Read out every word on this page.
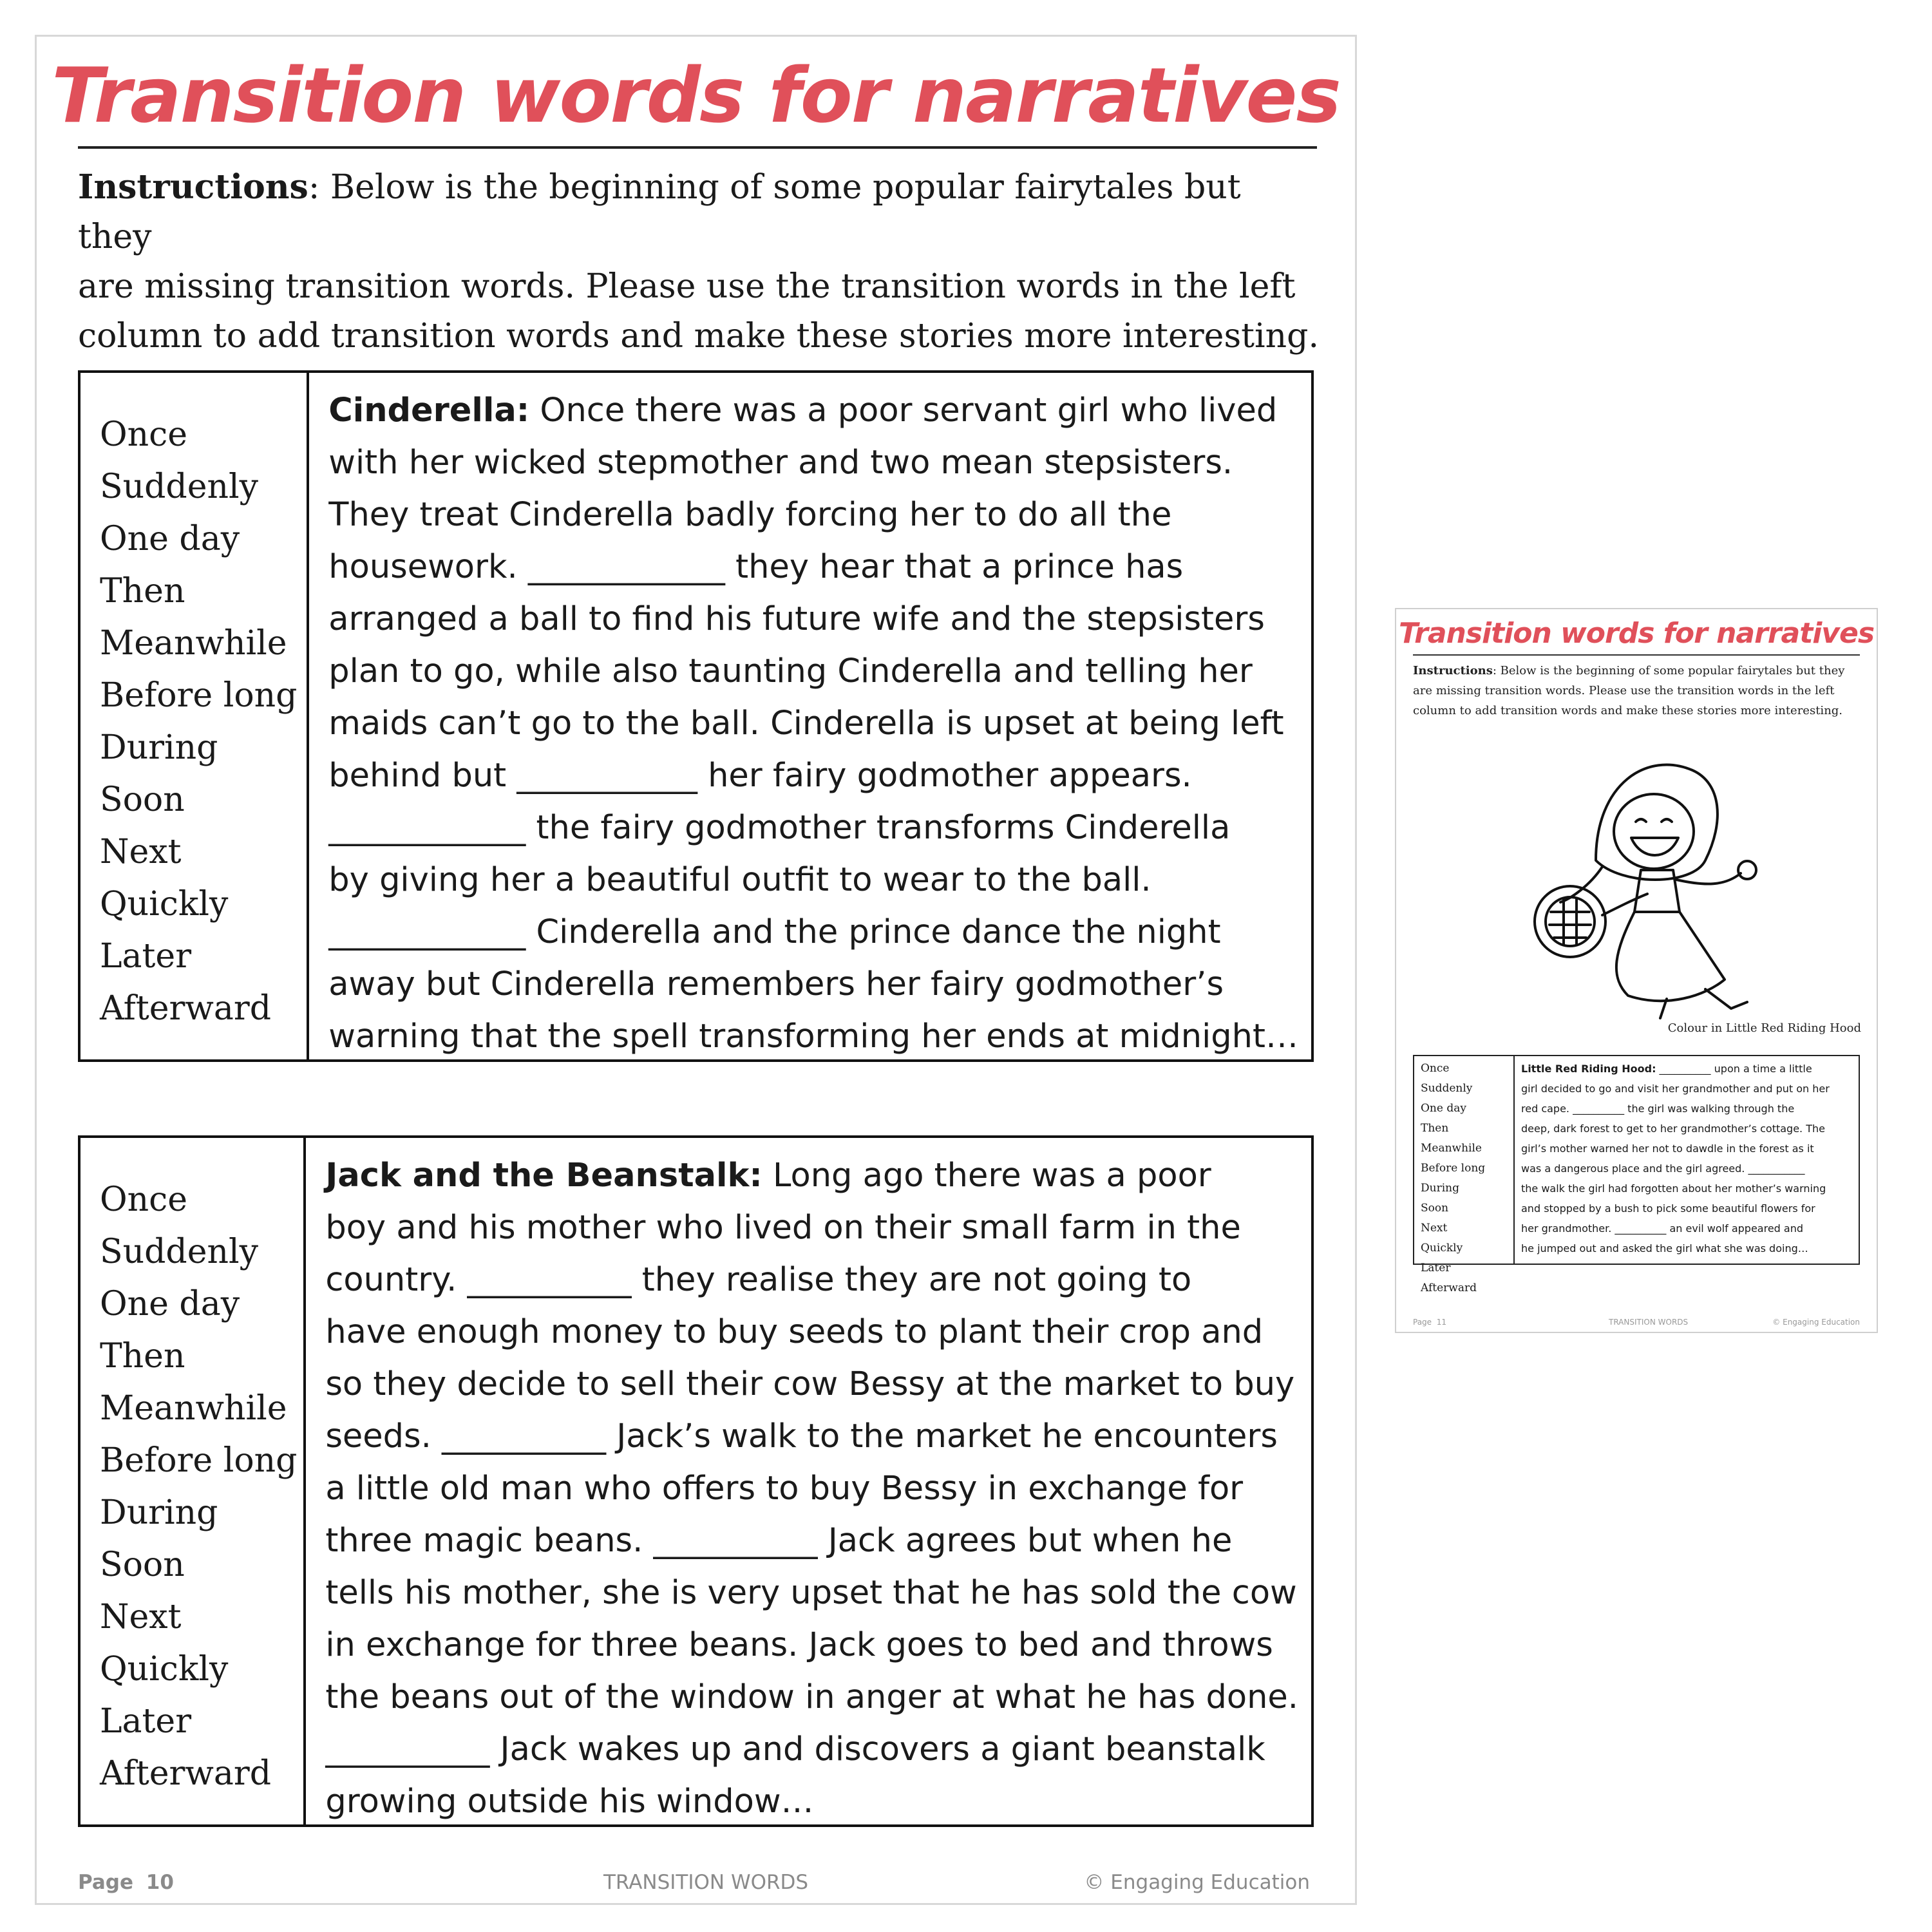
Transition words for narratives
Instructions: Below is the beginning of some popular fairytales but they
are missing transition words. Please use the transition words in the left
column to add transition words and make these stories more interesting.
Once
Suddenly
One day
Then
Meanwhile
Before long
During
Soon
Next
Quickly
Later
Afterward
Cinderella: Once there was a poor servant girl who lived
with her wicked stepmother and two mean stepsisters.
They treat Cinderella badly forcing her to do all the
housework. ____________ they hear that a prince has
arranged a ball to find his future wife and the stepsisters
plan to go, while also taunting Cinderella and telling her
maids can’t go to the ball. Cinderella is upset at being left
behind but ___________ her fairy godmother appears.
____________ the fairy godmother transforms Cinderella
by giving her a beautiful outfit to wear to the ball.
____________ Cinderella and the prince dance the night
away but Cinderella remembers her fairy godmother’s
warning that the spell transforming her ends at midnight…
Once
Suddenly
One day
Then
Meanwhile
Before long
During
Soon
Next
Quickly
Later
Afterward
Jack and the Beanstalk: Long ago there was a poor
boy and his mother who lived on their small farm in the
country. __________ they realise they are not going to
have enough money to buy seeds to plant their crop and
so they decide to sell their cow Bessy at the market to buy
seeds. __________ Jack’s walk to the market he encounters
a little old man who offers to buy Bessy in exchange for
three magic beans. __________ Jack agrees but when he
tells his mother, she is very upset that he has sold the cow
in exchange for three beans. Jack goes to bed and throws
the beans out of the window in anger at what he has done.
__________ Jack wakes up and discovers a giant beanstalk
growing outside his window…
Page 10	TRANSITION WORDS	© Engaging Education
Transition words for narratives
Instructions: Below is the beginning of some popular fairytales but they
are missing transition words. Please use the transition words in the left
column to add transition words and make these stories more interesting.
Colour in Little Red Riding Hood
Once
Suddenly
One day
Then
Meanwhile
Before long
During
Soon
Next
Quickly
Later
Afterward
Little Red Riding Hood: __________ upon a time a little
girl decided to go and visit her grandmother and put on her
red cape. __________ the girl was walking through the
deep, dark forest to get to her grandmother’s cottage. The
girl’s mother warned her not to dawdle in the forest as it
was a dangerous place and the girl agreed. ___________
the walk the girl had forgotten about her mother’s warning
and stopped by a bush to pick some beautiful flowers for
her grandmother. __________ an evil wolf appeared and
he jumped out and asked the girl what she was doing…
Page 11	TRANSITION WORDS	© Engaging Education
